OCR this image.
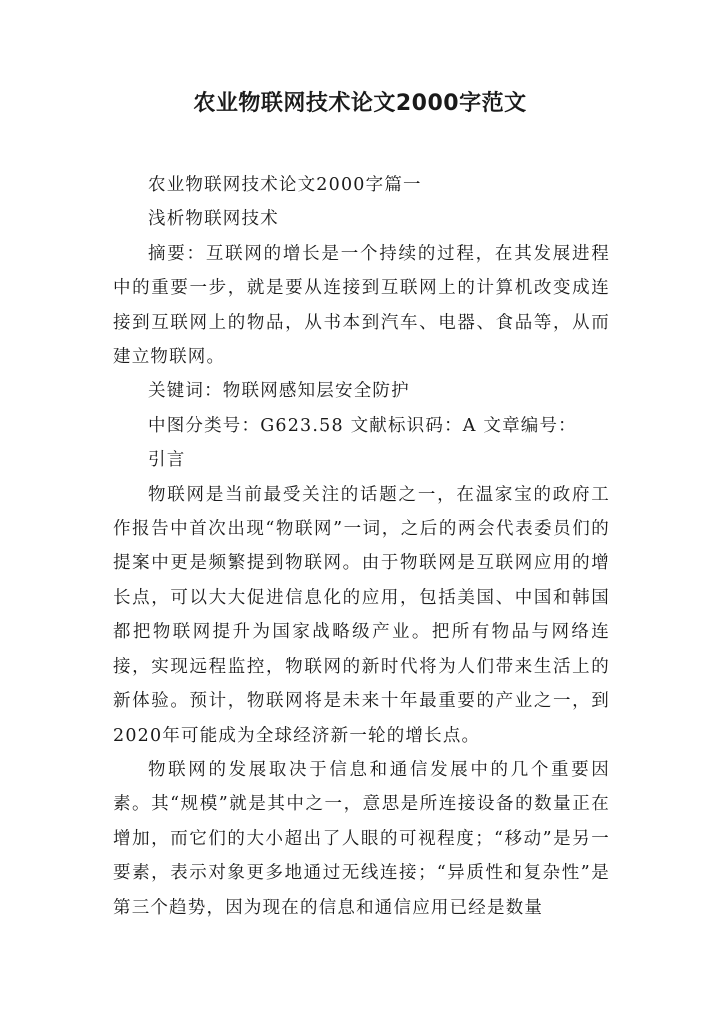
农业物联网技术论文2000字范文

农业物联网技术论文2000字篇一

浅析物联网技术

摘要：互联网的增长是一个持续的过程，在其发展进程中的重要一步，就是要从连接到互联网上的计算机改变成连接到互联网上的物品，从书本到汽车、电器、食品等，从而建立物联网。

关键词：物联网感知层安全防护

中图分类号：G623.58 文献标识码：A 文章编号：

引言

物联网是当前最受关注的话题之一，在温家宝的政府工作报告中首次出现“物联网”一词，之后的两会代表委员们的提案中更是频繁提到物联网。由于物联网是互联网应用的增长点，可以大大促进信息化的应用，包括美国、中国和韩国都把物联网提升为国家战略级产业。把所有物品与网络连接，实现远程监控，物联网的新时代将为人们带来生活上的新体验。预计，物联网将是未来十年最重要的产业之一，到2020年可能成为全球经济新一轮的增长点。

物联网的发展取决于信息和通信发展中的几个重要因素。其“规模”就是其中之一，意思是所连接设备的数量正在增加，而它们的大小超出了人眼的可视程度；“移动”是另一要素，表示对象更多地通过无线连接；“异质性和复杂性”是第三个趋势，因为现在的信息和通信应用已经是数量
